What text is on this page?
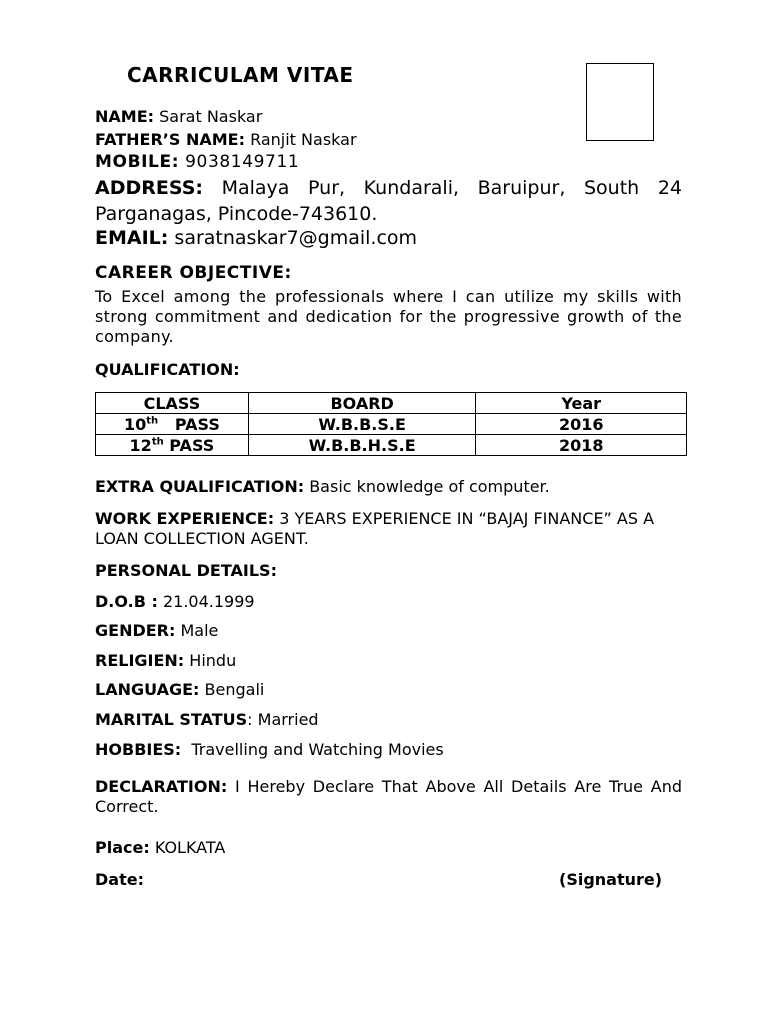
CARRICULAM VITAE
NAME: Sarat Naskar
FATHER’S NAME: Ranjit Naskar
MOBILE: 9038149711
ADDRESS: Malaya Pur, Kundarali, Baruipur, South 24 Parganagas, Pincode-743610.
EMAIL: saratnaskar7@gmail.com
CAREER OBJECTIVE:
To Excel among the professionals where I can utilize my skills with strong commitment and dedication for the progressive growth of the company.
QUALIFICATION:
CLASS	BOARD	Year
10th PASS	W.B.B.S.E	2016
12th PASS	W.B.B.H.S.E	2018
EXTRA QUALIFICATION: Basic knowledge of computer.
WORK EXPERIENCE: 3 YEARS EXPERIENCE IN “BAJAJ FINANCE” AS A LOAN COLLECTION AGENT.
PERSONAL DETAILS:
D.O.B : 21.04.1999
GENDER: Male
RELIGIEN: Hindu
LANGUAGE: Bengali
MARITAL STATUS: Married
HOBBIES: Travelling and Watching Movies
DECLARATION: I Hereby Declare That Above All Details Are True And Correct.
Place: KOLKATA
Date:	(Signature)
